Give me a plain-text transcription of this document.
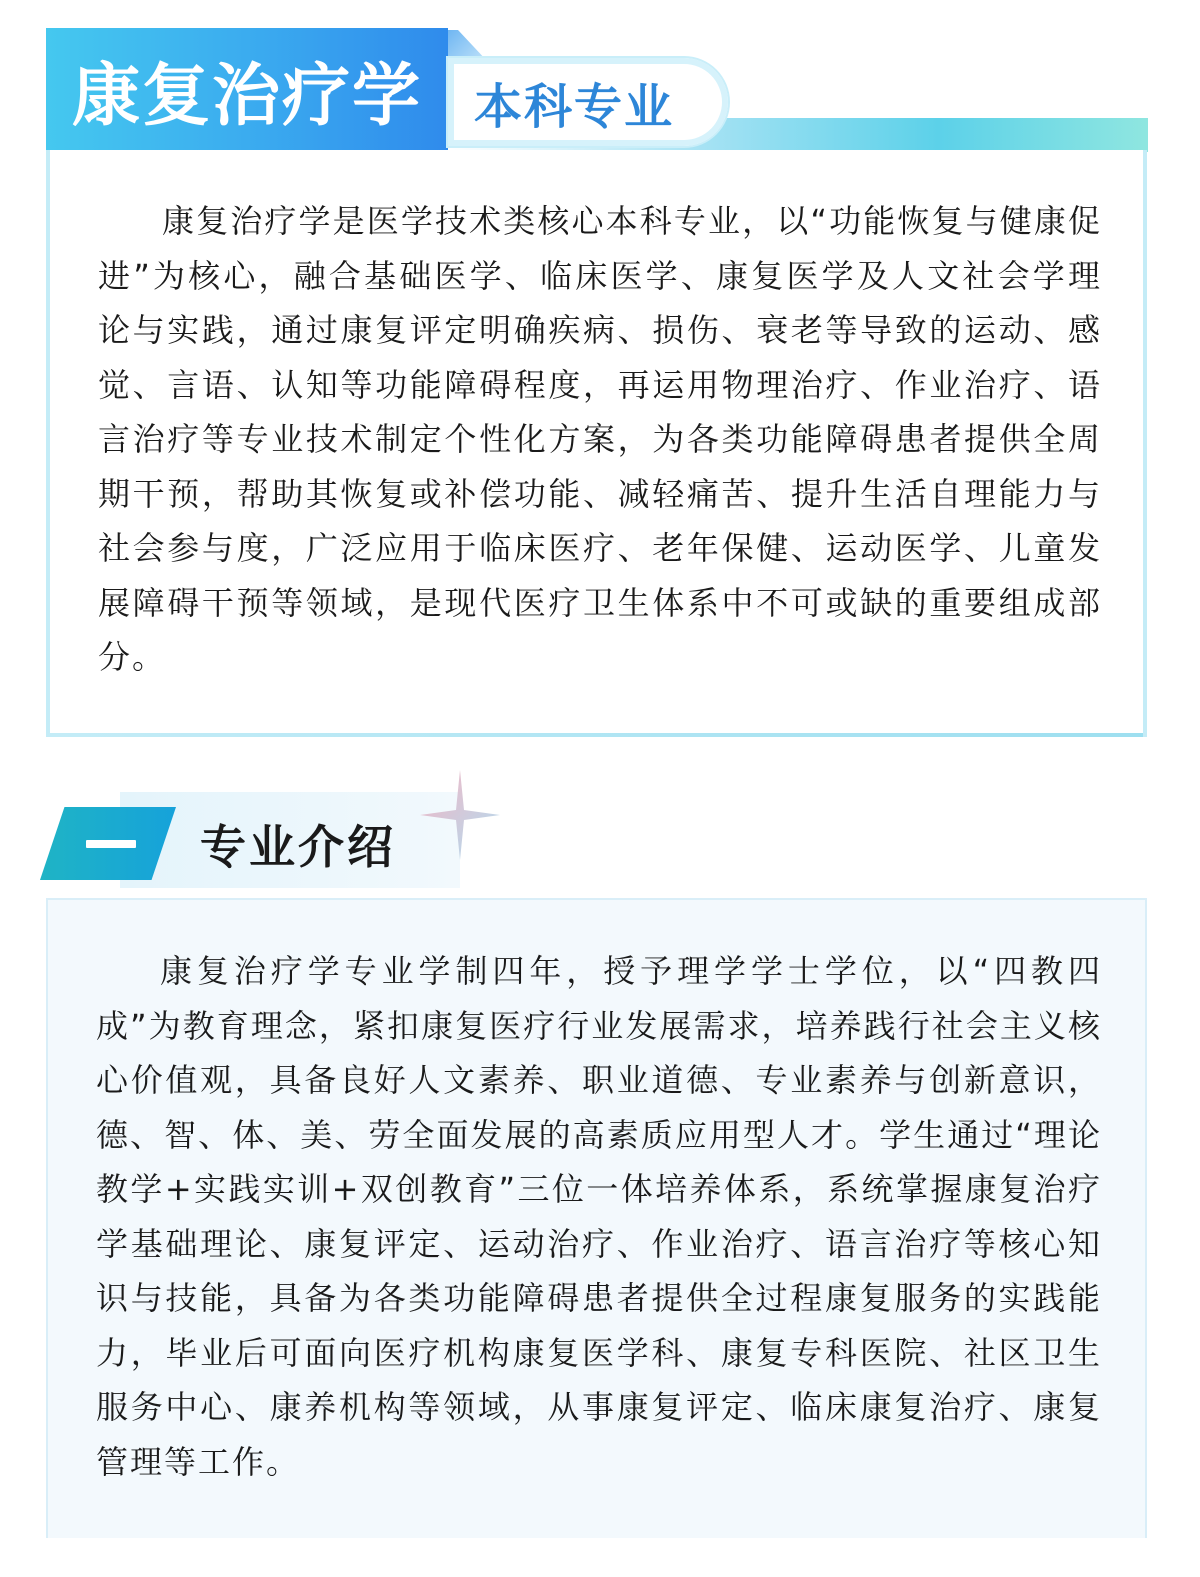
康复治疗学	本科专业

康复治疗学是医学技术类核心本科专业，以“功能恢复与健康促进”为核心，融合基础医学、临床医学、康复医学及人文社会学理论与实践，通过康复评定明确疾病、损伤、衰老等导致的运动、感觉、言语、认知等功能障碍程度，再运用物理治疗、作业治疗、语言治疗等专业技术制定个性化方案，为各类功能障碍患者提供全周期干预，帮助其恢复或补偿功能、减轻痛苦、提升生活自理能力与社会参与度，广泛应用于临床医疗、老年保健、运动医学、儿童发展障碍干预等领域，是现代医疗卫生体系中不可或缺的重要组成部分。

专业介绍

康复治疗学专业学制四年，授予理学学士学位，以“四教四成”为教育理念，紧扣康复医疗行业发展需求，培养践行社会主义核心价值观，具备良好人文素养、职业道德、专业素养与创新意识，德、智、体、美、劳全面发展的高素质应用型人才。学生通过“理论教学+实践实训+双创教育”三位一体培养体系，系统掌握康复治疗学基础理论、康复评定、运动治疗、作业治疗、语言治疗等核心知识与技能，具备为各类功能障碍患者提供全过程康复服务的实践能力，毕业后可面向医疗机构康复医学科、康复专科医院、社区卫生服务中心、康养机构等领域，从事康复评定、临床康复治疗、康复管理等工作。
